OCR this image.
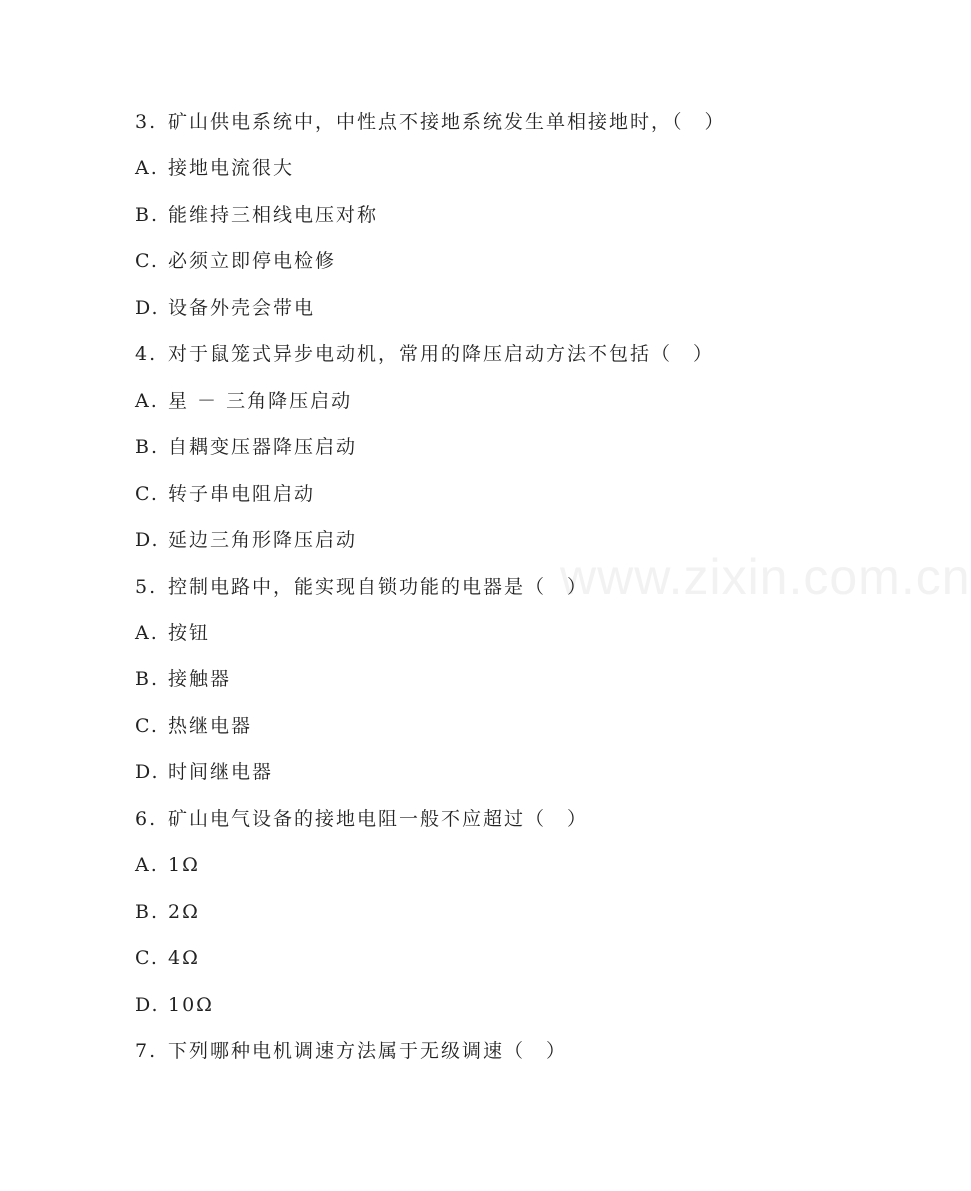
www.zixin.com.cn
3. 矿山供电系统中，中性点不接地系统发生单相接地时，（　）
A. 接地电流很大
B. 能维持三相线电压对称
C. 必须立即停电检修
D. 设备外壳会带电
4. 对于鼠笼式异步电动机，常用的降压启动方法不包括（　）
A. 星 － 三角降压启动
B. 自耦变压器降压启动
C. 转子串电阻启动
D. 延边三角形降压启动
5. 控制电路中，能实现自锁功能的电器是（　）
A. 按钮
B. 接触器
C. 热继电器
D. 时间继电器
6. 矿山电气设备的接地电阻一般不应超过（　）
A. 1Ω
B. 2Ω
C. 4Ω
D. 10Ω
7. 下列哪种电机调速方法属于无级调速（　）
